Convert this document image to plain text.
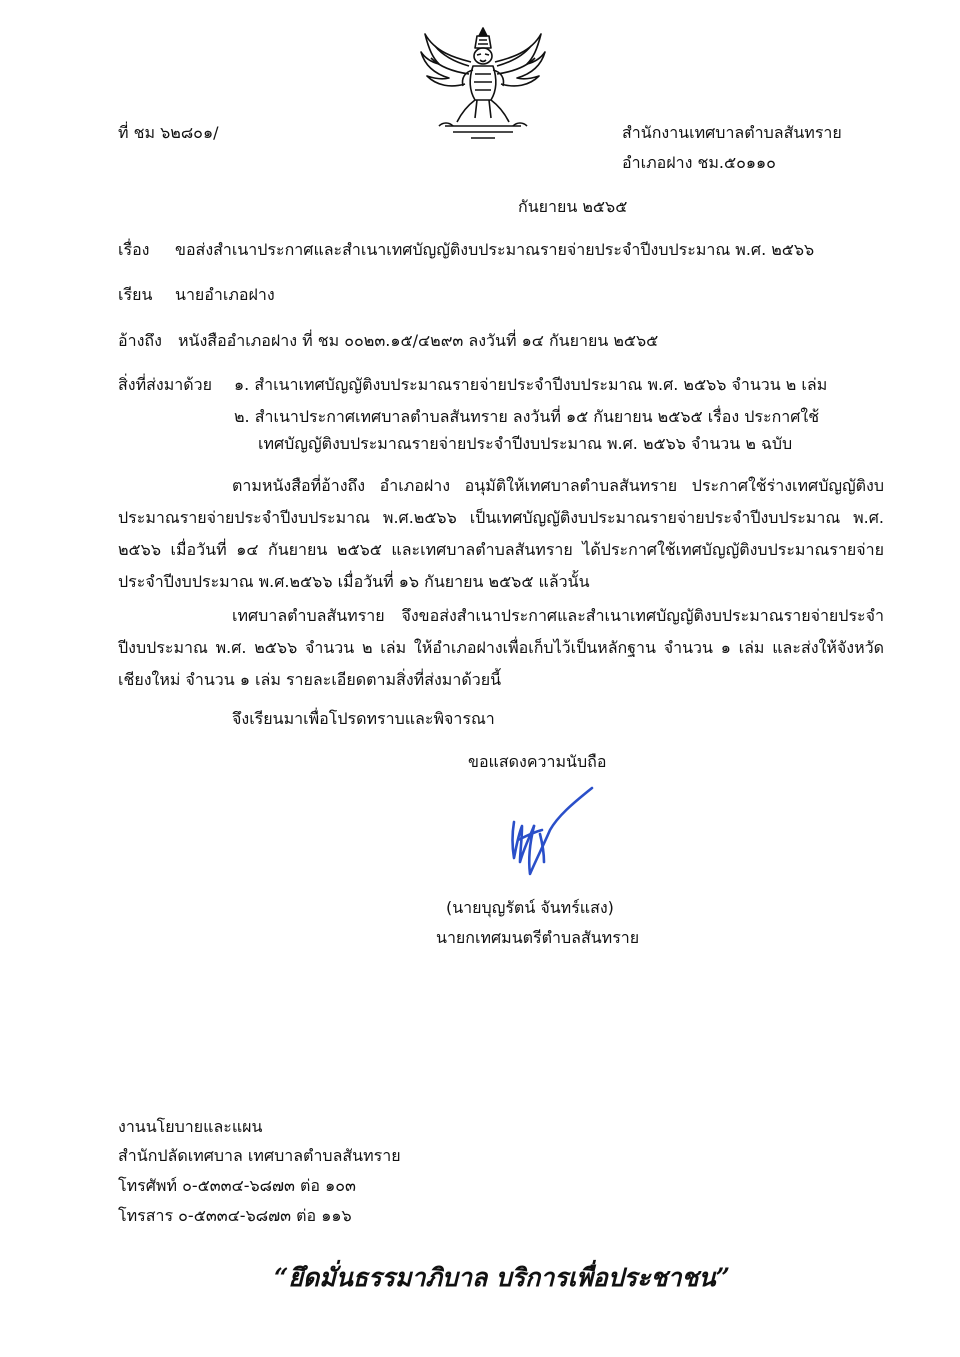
ที่ ชม ๖๒๘๐๑/	สำนักงานเทศบาลตำบลสันทราย
อำเภอฝาง ชม.๕๐๑๑๐
กันยายน ๒๕๖๕
เรื่อง ขอส่งสำเนาประกาศและสำเนาเทศบัญญัติงบประมาณรายจ่ายประจำปีงบประมาณ พ.ศ. ๒๕๖๖
เรียน นายอำเภอฝาง
อ้างถึง หนังสืออำเภอฝาง ที่ ชม ๐๐๒๓.๑๕/๔๒๙๓ ลงวันที่ ๑๔ กันยายน ๒๕๖๕
สิ่งที่ส่งมาด้วย ๑. สำเนาเทศบัญญัติงบประมาณรายจ่ายประจำปีงบประมาณ พ.ศ. ๒๕๖๖ จำนวน ๒ เล่ม
๒. สำเนาประกาศเทศบาลตำบลสันทราย ลงวันที่ ๑๕ กันยายน ๒๕๖๕ เรื่อง ประกาศใช้
เทศบัญญัติงบประมาณรายจ่ายประจำปีงบประมาณ พ.ศ. ๒๕๖๖ จำนวน ๒ ฉบับ
ตามหนังสือที่อ้างถึง อำเภอฝาง อนุมัติให้เทศบาลตำบลสันทราย ประกาศใช้ร่างเทศบัญญัติงบประมาณรายจ่ายประจำปีงบประมาณ พ.ศ.๒๕๖๖ เป็นเทศบัญญัติงบประมาณรายจ่ายประจำปีงบประมาณ พ.ศ. ๒๕๖๖ เมื่อวันที่ ๑๔ กันยายน ๒๕๖๕ และเทศบาลตำบลสันทราย ได้ประกาศใช้เทศบัญญัติงบประมาณรายจ่ายประจำปีงบประมาณ พ.ศ.๒๕๖๖ เมื่อวันที่ ๑๖ กันยายน ๒๕๖๕ แล้วนั้น
เทศบาลตำบลสันทราย จึงขอส่งสำเนาประกาศและสำเนาเทศบัญญัติงบประมาณรายจ่ายประจำปีงบประมาณ พ.ศ. ๒๕๖๖ จำนวน ๒ เล่ม ให้อำเภอฝางเพื่อเก็บไว้เป็นหลักฐาน จำนวน ๑ เล่ม และส่งให้จังหวัดเชียงใหม่ จำนวน ๑ เล่ม รายละเอียดตามสิ่งที่ส่งมาด้วยนี้
จึงเรียนมาเพื่อโปรดทราบและพิจารณา
ขอแสดงความนับถือ
(นายบุญรัตน์ จันทร์แสง)
นายกเทศมนตรีตำบลสันทราย
งานนโยบายและแผน
สำนักปลัดเทศบาล เทศบาลตำบลสันทราย
โทรศัพท์ ๐-๕๓๓๔-๖๘๗๓ ต่อ ๑๐๓
โทรสาร ๐-๕๓๓๔-๖๘๗๓ ต่อ ๑๑๖
“ยึดมั่นธรรมาภิบาล บริการเพื่อประชาชน”
